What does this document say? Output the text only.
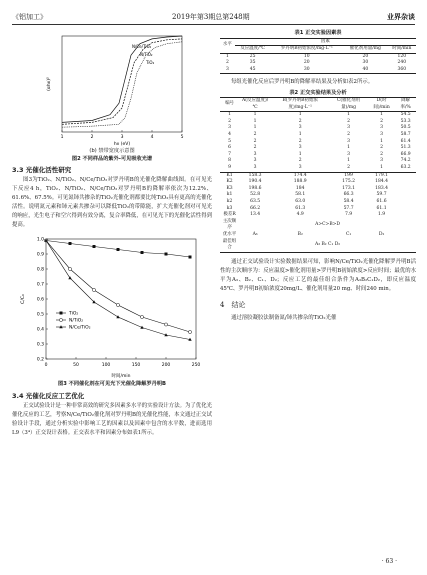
《铝加工》	2019年第3期总第248期	业界杂谈
(αhν)²
hν (eV)
1	2	3	4	5
N/Ce/TiO₂
N/TiO₂
TiO₂

(b) 禁带宽度示意图

图2 不同样品的紫外-可见吸收光谱

3.3 光催化活性研究

图3为TiO₂、N/TiO₂、N/Ce/TiO₂对罗丹明B的光催化降解曲线图。在可见光下反应4 h，TiO₂、N/TiO₂、N/Ce/TiO₂对罗丹明B的降解率依次为12.2%、61.6%、67.5%。可见氮铈共掺杂的TiO₂光催化剂都要比纯TiO₂具有更高的光催化活性。说明氮元素和铈元素共掺杂可以降低TiO₂的带隙能，扩大光催化剂对可见光的响应，光生电子和空穴得到有效分离，复合率降低，在可见光下的光催化活性得到提高。

C/C₀
时间/min
0.2
0.3
0.4
0.5
0.6
0.7
0.8
0.9
1.0
0	50	100	150	200	250
TiO₂
N/TiO₂
N/Ce/TiO₂

图3 不同催化剂在可见光下光催化降解罗丹明B

3.4 光催化反应工艺优化

正交试验设计是一种非常高效的研究多因素多水平的实验设计方法。为了优化光催化反应的工艺，考察N/Ce/TiO₂催化剂对罗丹明B的光催化性能，本文通过正交试验设计手段，通过分析实验中影响工艺的因素以及因素中包含的水平数，进而选用L9（3⁴）正交设计表格。正交表水平和因素分布如表1所示。

表1 正交实验因素表

水平	因素			
	反应温度/℃	罗丹明B初始浓度/mg·L⁻¹	催化剂用量/mg	时间/min
1	25	10	20	120
2	35	20	30	240
3	45	30	40	360

每组光催化反应后罗丹明B的降解率结果及分析如表2所示。

表2 正交实验结果及分析

编号	A(反应温度)/℃	B(罗丹明B初始浓度)/mg·L⁻¹	C(催化剂用量)/mg	D(时间)/min	降解率/%
1	1	1	1	1	54.5
2	1	2	2	2	53.3
3	1	3	3	3	50.5
4	2	1	2	3	58.7
5	2	2	3	1	61.4
6	2	3	1	2	51.3
7	3	1	3	2	66.9
8	3	2	1	3	74.2
9	3	3	2	1	63.2
K1	158.3	174.4	199	179.1	
K2	190.4	188.9	175.2	184.4	
K3	198.6	184	173.1	183.4	
k1	52.8	58.1	66.3	59.7	
k2	63.5	63.0	58.4	61.6	
k3	66.2	61.3	57.7	61.1	
极差R	13.4	4.9	7.9	1.9	
主次顺序	A>C>B>D				
优水平	A₃	B₂	C₁	D₂	
最佳组合	A₃ B₂ C₁ D₂				

通过正交试验设计实验数据结果可知，影响N/Ce/TiO₂光催化降解罗丹明B活性的主次顺序为：反应温度>催化剂用量>罗丹明B初始浓度>反应时间；最优的水平为A₃、B₂、C₁、D₂；反应工艺的最佳组合条件为A₃B₂C₁D₂，即反应温度45℃、罗丹明B初始浓度20mg/L、催化剂用量20 mg、时间240 min。

4　结论

通过溶胶凝胶法制备氮/铈共掺杂的TiO₂光催

· 63 ·
